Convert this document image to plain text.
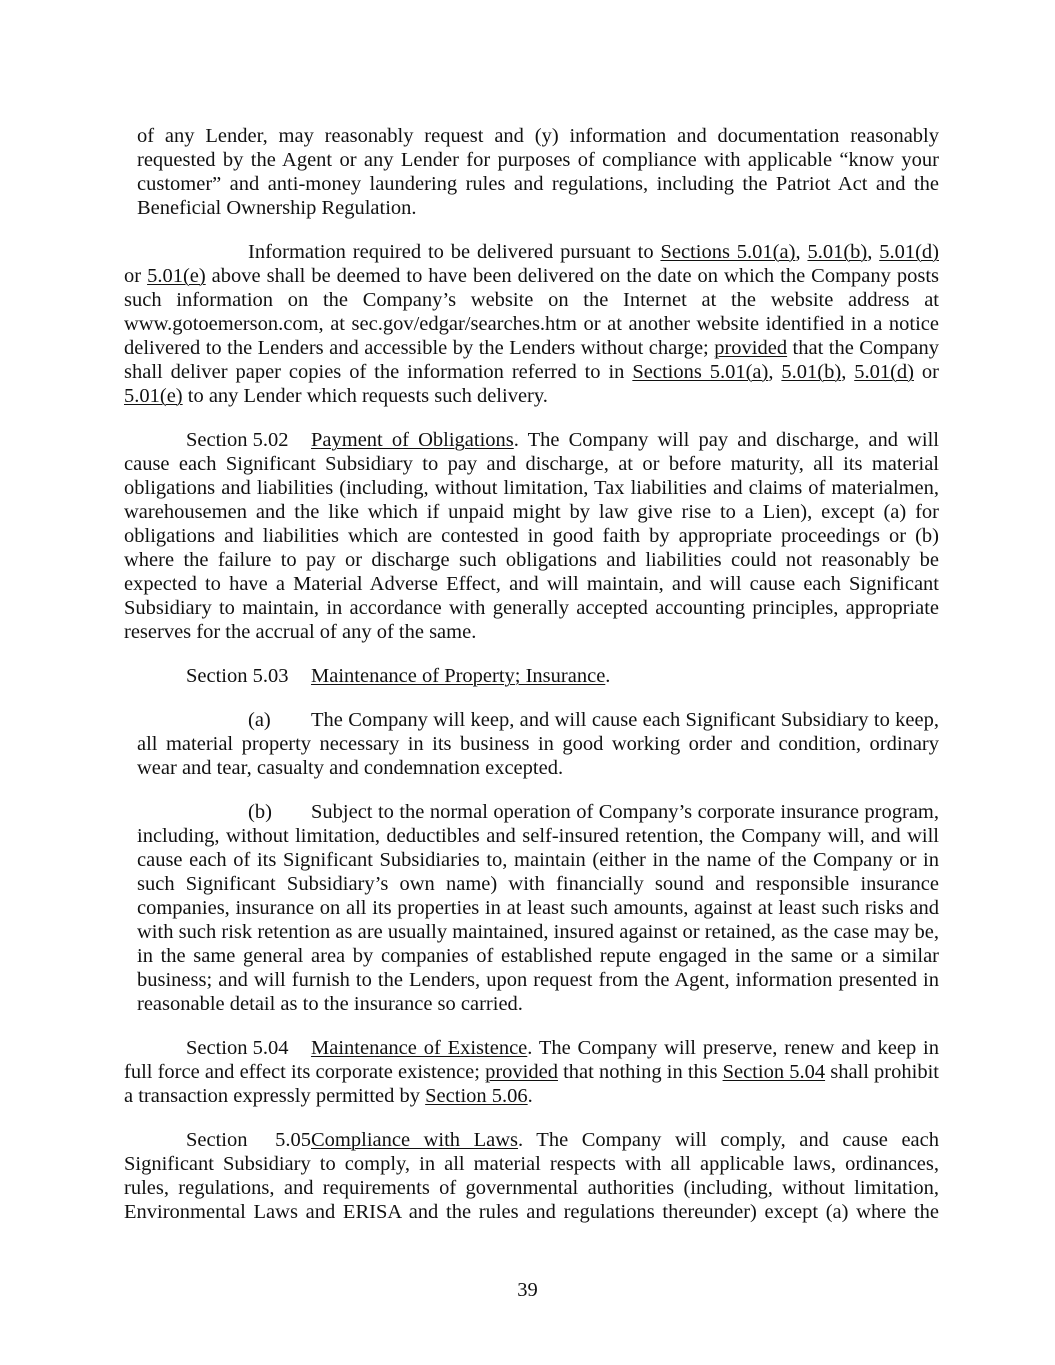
of any Lender, may reasonably request and (y) information and documentation reasonably requested by the Agent or any Lender for purposes of compliance with applicable “know your customer” and anti-money laundering rules and regulations, including the Patriot Act and the Beneficial Ownership Regulation.

Information required to be delivered pursuant to Sections 5.01(a), 5.01(b), 5.01(d) or 5.01(e) above shall be deemed to have been delivered on the date on which the Company posts such information on the Company’s website on the Internet at the website address at www.gotoemerson.com, at sec.gov/edgar/searches.htm or at another website identified in a notice delivered to the Lenders and accessible by the Lenders without charge; provided that the Company shall deliver paper copies of the information referred to in Sections 5.01(a), 5.01(b), 5.01(d) or 5.01(e) to any Lender which requests such delivery.

Section 5.02 Payment of Obligations. The Company will pay and discharge, and will cause each Significant Subsidiary to pay and discharge, at or before maturity, all its material obligations and liabilities (including, without limitation, Tax liabilities and claims of materialmen, warehousemen and the like which if unpaid might by law give rise to a Lien), except (a) for obligations and liabilities which are contested in good faith by appropriate proceedings or (b) where the failure to pay or discharge such obligations and liabilities could not reasonably be expected to have a Material Adverse Effect, and will maintain, and will cause each Significant Subsidiary to maintain, in accordance with generally accepted accounting principles, appropriate reserves for the accrual of any of the same.

Section 5.03 Maintenance of Property; Insurance.

(a) The Company will keep, and will cause each Significant Subsidiary to keep, all material property necessary in its business in good working order and condition, ordinary wear and tear, casualty and condemnation excepted.

(b) Subject to the normal operation of Company’s corporate insurance program, including, without limitation, deductibles and self-insured retention, the Company will, and will cause each of its Significant Subsidiaries to, maintain (either in the name of the Company or in such Significant Subsidiary’s own name) with financially sound and responsible insurance companies, insurance on all its properties in at least such amounts, against at least such risks and with such risk retention as are usually maintained, insured against or retained, as the case may be, in the same general area by companies of established repute engaged in the same or a similar business; and will furnish to the Lenders, upon request from the Agent, information presented in reasonable detail as to the insurance so carried.

Section 5.04 Maintenance of Existence. The Company will preserve, renew and keep in full force and effect its corporate existence; provided that nothing in this Section 5.04 shall prohibit a transaction expressly permitted by Section 5.06.

Section 5.05Compliance with Laws. The Company will comply, and cause each Significant Subsidiary to comply, in all material respects with all applicable laws, ordinances, rules, regulations, and requirements of governmental authorities (including, without limitation, Environmental Laws and ERISA and the rules and regulations thereunder) except (a) where the

39
